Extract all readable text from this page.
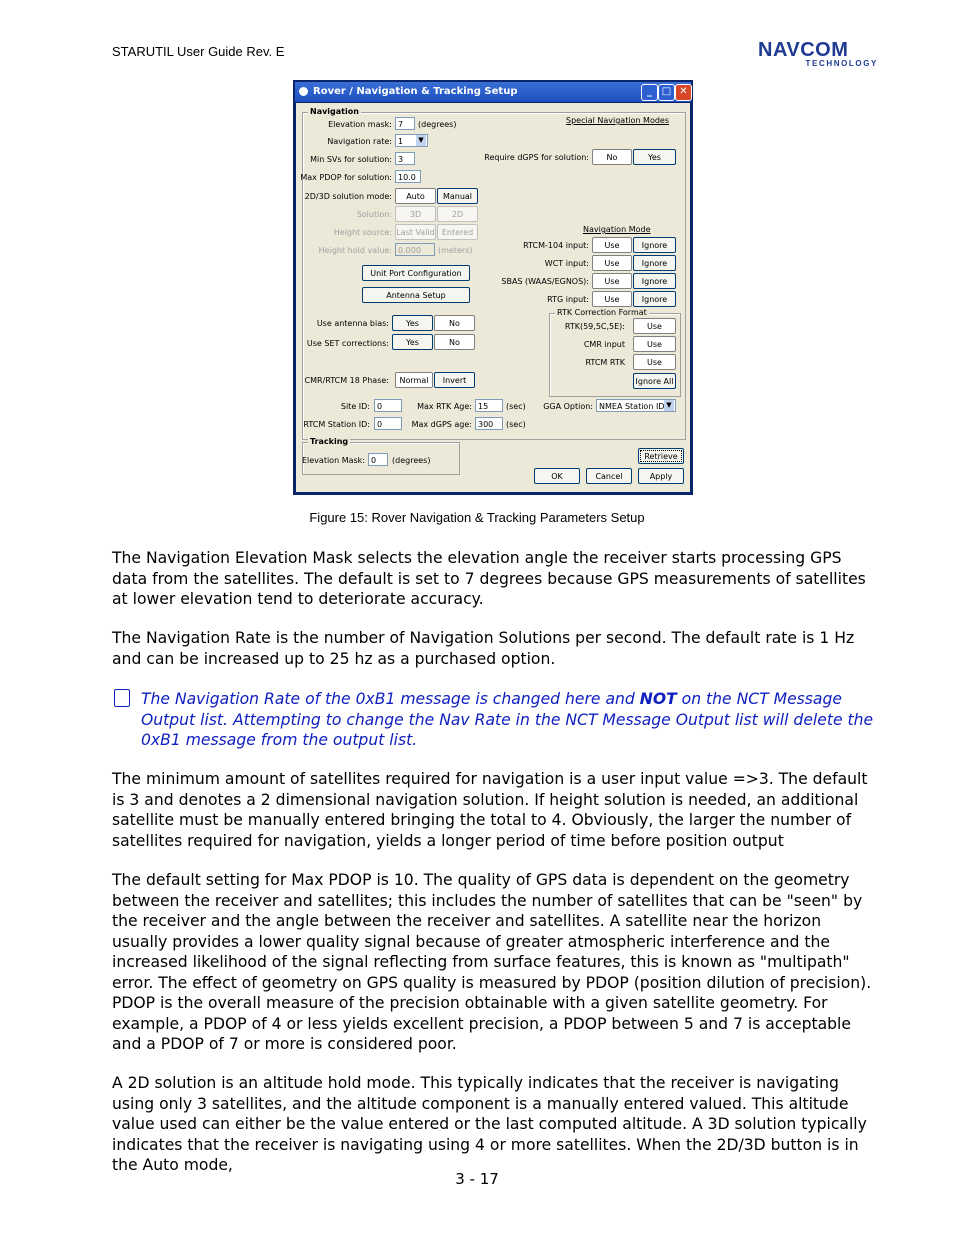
STARUTIL User Guide Rev. E	NAVCOM
TECHNOLOGY
Rover / Navigation & Tracking Setup	_ □ ✕
Navigation
Elevation mask: 7	(degrees)
Navigation rate: 1	▼
Min SVs for solution: 3
Max PDOP for solution: 10.0
2D/3D solution mode:	Auto	Manual
Solution:	3D	2D
Height source: Last Valid Entered
Height hold value: 0.000	(meters)
Unit Port Configuration
Antenna Setup
Use antenna bias:	Yes	No
Use SET corrections:	Yes	No
CMR/RTCM 18 Phase:	Normal	Invert
Site ID: 0
RTCM Station ID: 0
Max RTK Age: 15	(sec)
Max dGPS age: 300	(sec)
Special Navigation Modes
Require dGPS for solution:	No	Yes
Navigation Mode
RTCM-104 input:	Use	Ignore
WCT input:	Use	Ignore
SBAS (WAAS/EGNOS):	Use	Ignore
RTG input:	Use	Ignore
RTK Correction Format
RTK(59,5C,5E):	Use
CMR input	Use
RTCM RTK	Use
Ignore All
GGA Option: NMEA Station ID ▼
Tracking
Elevation Mask: 0	(degrees)	Retrieve
OK	Cancel	Apply
Figure 15: Rover Navigation & Tracking Parameters Setup
The Navigation Elevation Mask selects the elevation angle the receiver starts processing GPS data from the satellites. The default is set to 7 degrees because GPS measurements of satellites at lower elevation tend to deteriorate accuracy.
The Navigation Rate is the number of Navigation Solutions per second. The default rate is 1 Hz and can be increased up to 25 hz as a purchased option.
The Navigation Rate of the 0xB1 message is changed here and NOT on the NCT Message Output list. Attempting to change the Nav Rate in the NCT Message Output list will delete the 0xB1 message from the output list.
The minimum amount of satellites required for navigation is a user input value =>3. The default is 3 and denotes a 2 dimensional navigation solution. If height solution is needed, an additional satellite must be manually entered bringing the total to 4. Obviously, the larger the number of satellites required for navigation, yields a longer period of time before position output
The default setting for Max PDOP is 10. The quality of GPS data is dependent on the geometry between the receiver and satellites; this includes the number of satellites that can be "seen" by the receiver and the angle between the receiver and satellites. A satellite near the horizon usually provides a lower quality signal because of greater atmospheric interference and the increased likelihood of the signal reflecting from surface features, this is known as "multipath" error. The effect of geometry on GPS quality is measured by PDOP (position dilution of precision). PDOP is the overall measure of the precision obtainable with a given satellite geometry. For example, a PDOP of 4 or less yields excellent precision, a PDOP between 5 and 7 is acceptable and a PDOP of 7 or more is considered poor.
A 2D solution is an altitude hold mode. This typically indicates that the receiver is navigating using only 3 satellites, and the altitude component is a manually entered valued. This altitude value used can either be the value entered or the last computed altitude. A 3D solution typically indicates that the receiver is navigating using 4 or more satellites. When the 2D/3D button is in the Auto mode,
3 - 17
